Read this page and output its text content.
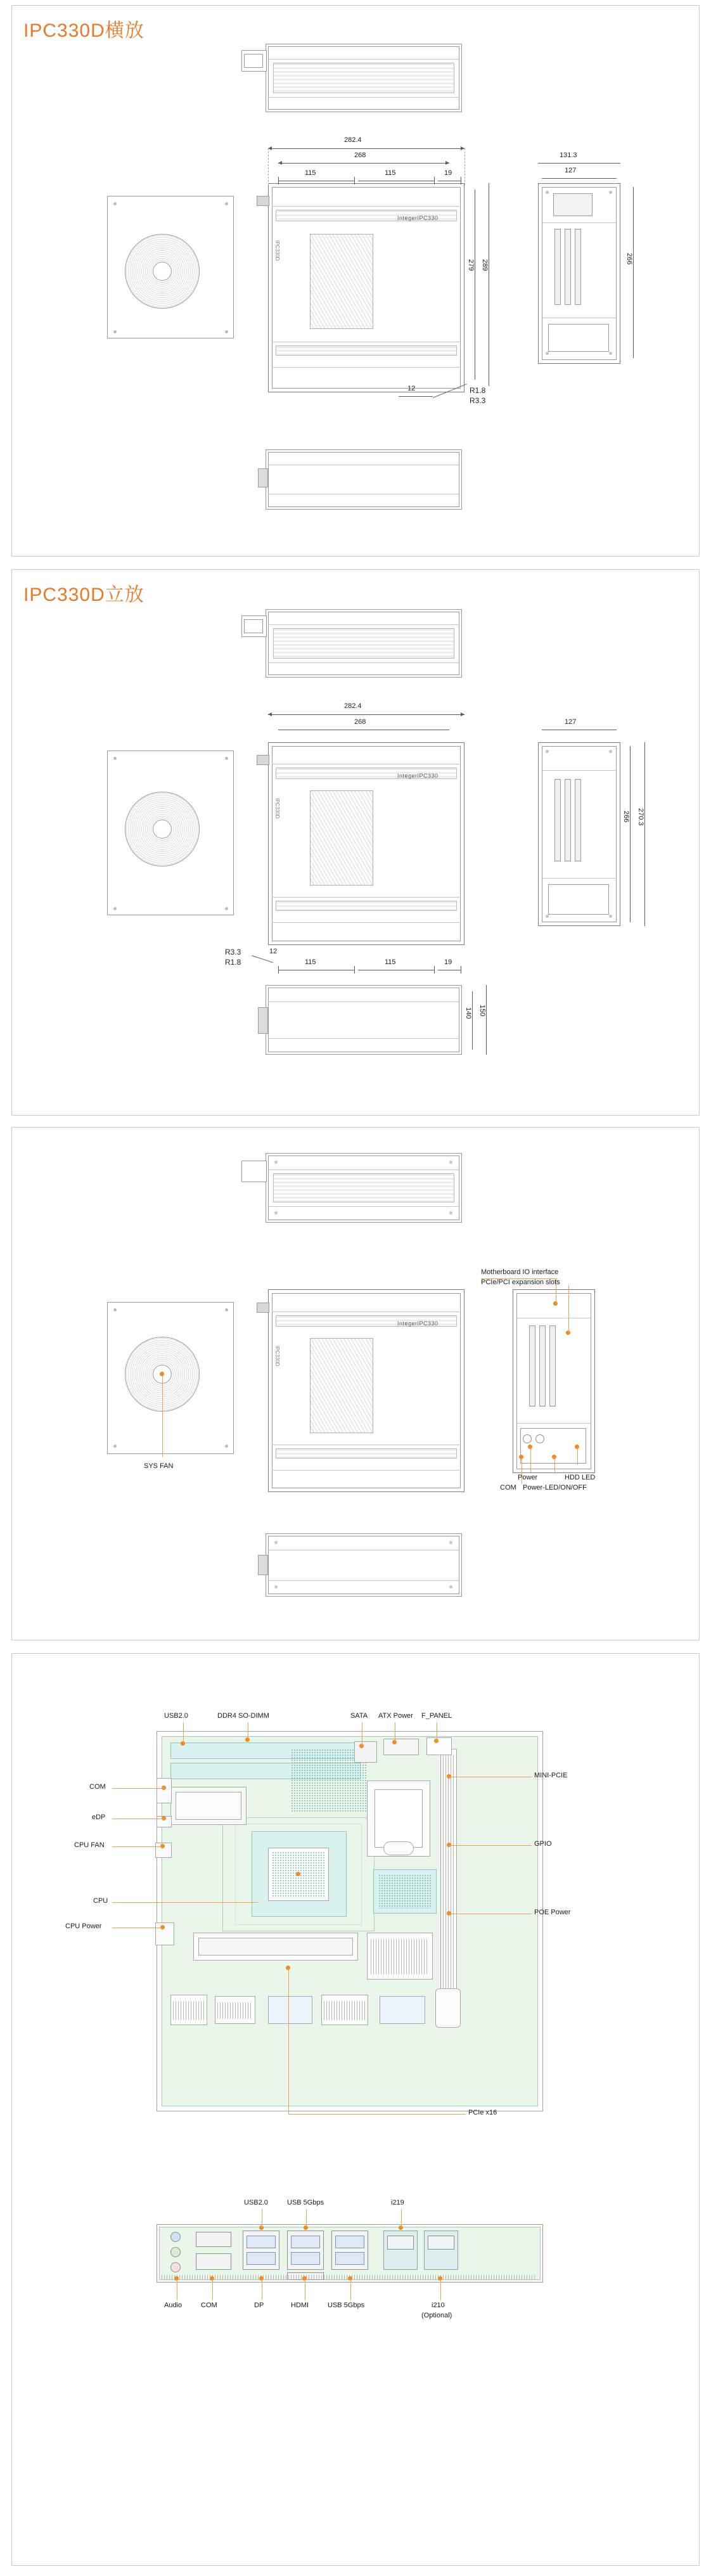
IPC330D横放
IntegerIPC330
IPC330D
282.4
268
115	115	19
131.3
127
279 289
266
12	R1.8
R3.3
IPC330D立放
IntegerIPC330
IPC330D
282.4
268	127
266 270.3
R3.3
R1.8
12
115	115	19
140 150
SYS FAN
IntegerIPC330
IPC330D
Motherboard IO interface
PCIe/PCI expansion slots
Power	HDD LED
COM Power-LED/ON/OFF
USB2.0	DDR4 SO-DIMM	SATA ATX Power F_PANEL
COM
eDP
CPU FAN
CPU
CPU Power
MINI-PCIE
GPIO
POE Power
PCIe x16
USB2.0	USB 5Gbps	i219
Audio	COM	DP	HDMI	USB 5Gbps	i210
(Optional)
